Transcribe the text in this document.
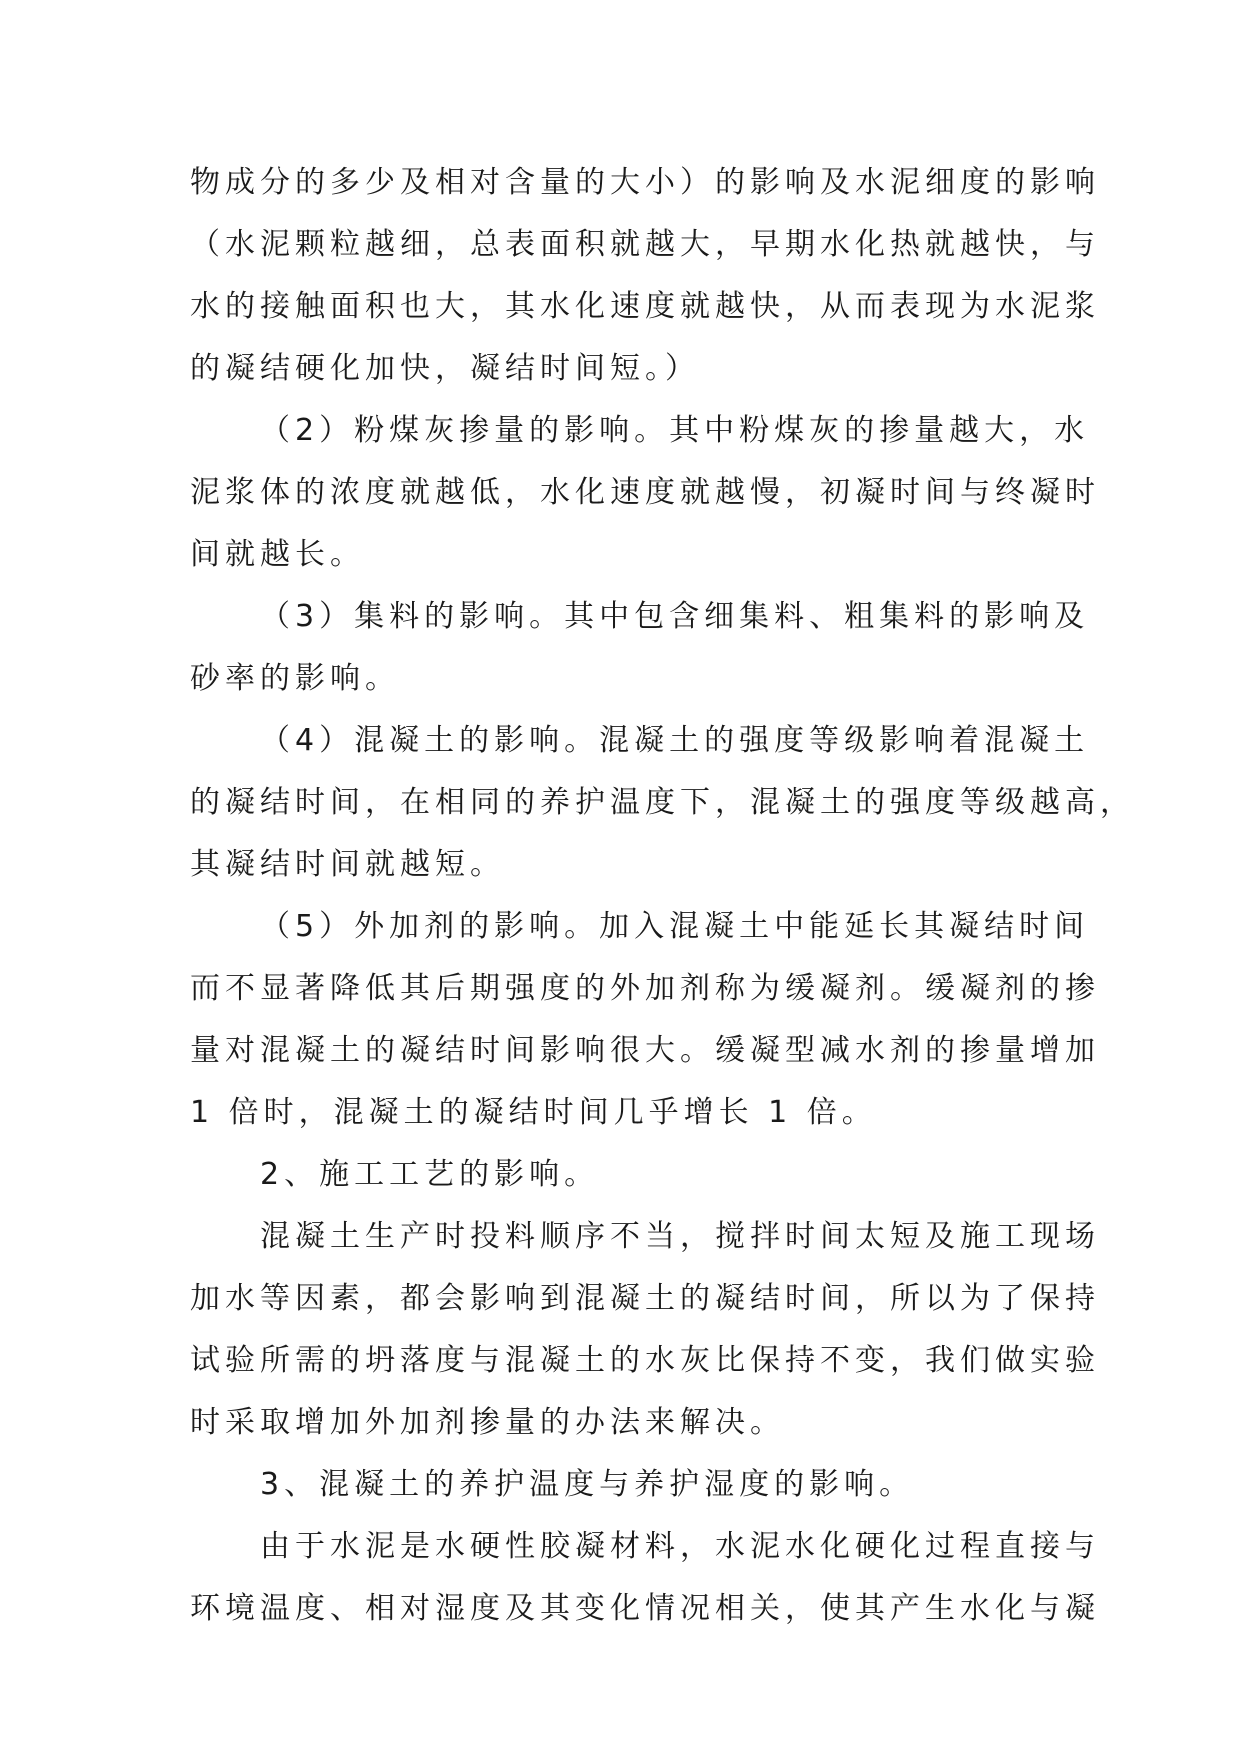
物成分的多少及相对含量的大小）的影响及水泥细度的影响
（水泥颗粒越细，总表面积就越大，早期水化热就越快，与
水的接触面积也大，其水化速度就越快，从而表现为水泥浆
的凝结硬化加快，凝结时间短。）

（2）粉煤灰掺量的影响。其中粉煤灰的掺量越大，水
泥浆体的浓度就越低，水化速度就越慢，初凝时间与终凝时
间就越长。

（3）集料的影响。其中包含细集料、粗集料的影响及
砂率的影响。

（4）混凝土的影响。混凝土的强度等级影响着混凝土
的凝结时间，在相同的养护温度下，混凝土的强度等级越高，
其凝结时间就越短。

（5）外加剂的影响。加入混凝土中能延长其凝结时间
而不显著降低其后期强度的外加剂称为缓凝剂。缓凝剂的掺
量对混凝土的凝结时间影响很大。缓凝型减水剂的掺量增加
1 倍时，混凝土的凝结时间几乎增长 1 倍。

2、施工工艺的影响。

混凝土生产时投料顺序不当，搅拌时间太短及施工现场
加水等因素，都会影响到混凝土的凝结时间，所以为了保持
试验所需的坍落度与混凝土的水灰比保持不变，我们做实验
时采取增加外加剂掺量的办法来解决。

3、混凝土的养护温度与养护湿度的影响。

由于水泥是水硬性胶凝材料，水泥水化硬化过程直接与
环境温度、相对湿度及其变化情况相关，使其产生水化与凝
